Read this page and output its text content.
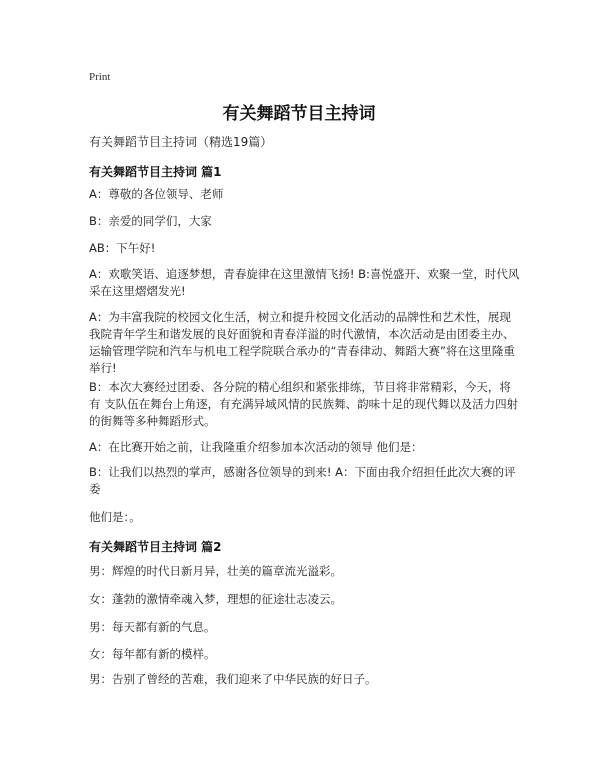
Print
有关舞蹈节目主持词
有关舞蹈节目主持词（精选19篇）
有关舞蹈节目主持词 篇1
A：尊敬的各位领导、老师
B：亲爱的同学们，大家
AB：下午好!
A：欢歌笑语、追逐梦想，青春旋律在这里激情飞扬! B:喜悦盛开、欢聚一堂，时代风采在这里熠熠发光!
A：为丰富我院的校园文化生活，树立和提升校园文化活动的品牌性和艺术性，展现我院青年学生和谐发展的良好面貌和青春洋溢的时代激情，本次活动是由团委主办、运输管理学院和汽车与机电工程学院联合承办的“青春律动、舞蹈大赛”将在这里隆重举行!
B：本次大赛经过团委、各分院的精心组织和紧张排练，节目将非常精彩，今天，将有 支队伍在舞台上角逐，有充满异域风情的民族舞、韵味十足的现代舞以及活力四射的街舞等多种舞蹈形式。
A：在比赛开始之前，让我隆重介绍参加本次活动的领导 他们是：
B：让我们以热烈的掌声，感谢各位领导的到来! A：下面由我介绍担任此次大赛的评委
他们是：。
有关舞蹈节目主持词 篇2
男：辉煌的时代日新月异，壮美的篇章流光溢彩。
女：蓬勃的激情牵魂入梦，理想的征途壮志凌云。
男：每天都有新的气息。
女：每年都有新的模样。
男：告别了曾经的苦难，我们迎来了中华民族的好日子。
